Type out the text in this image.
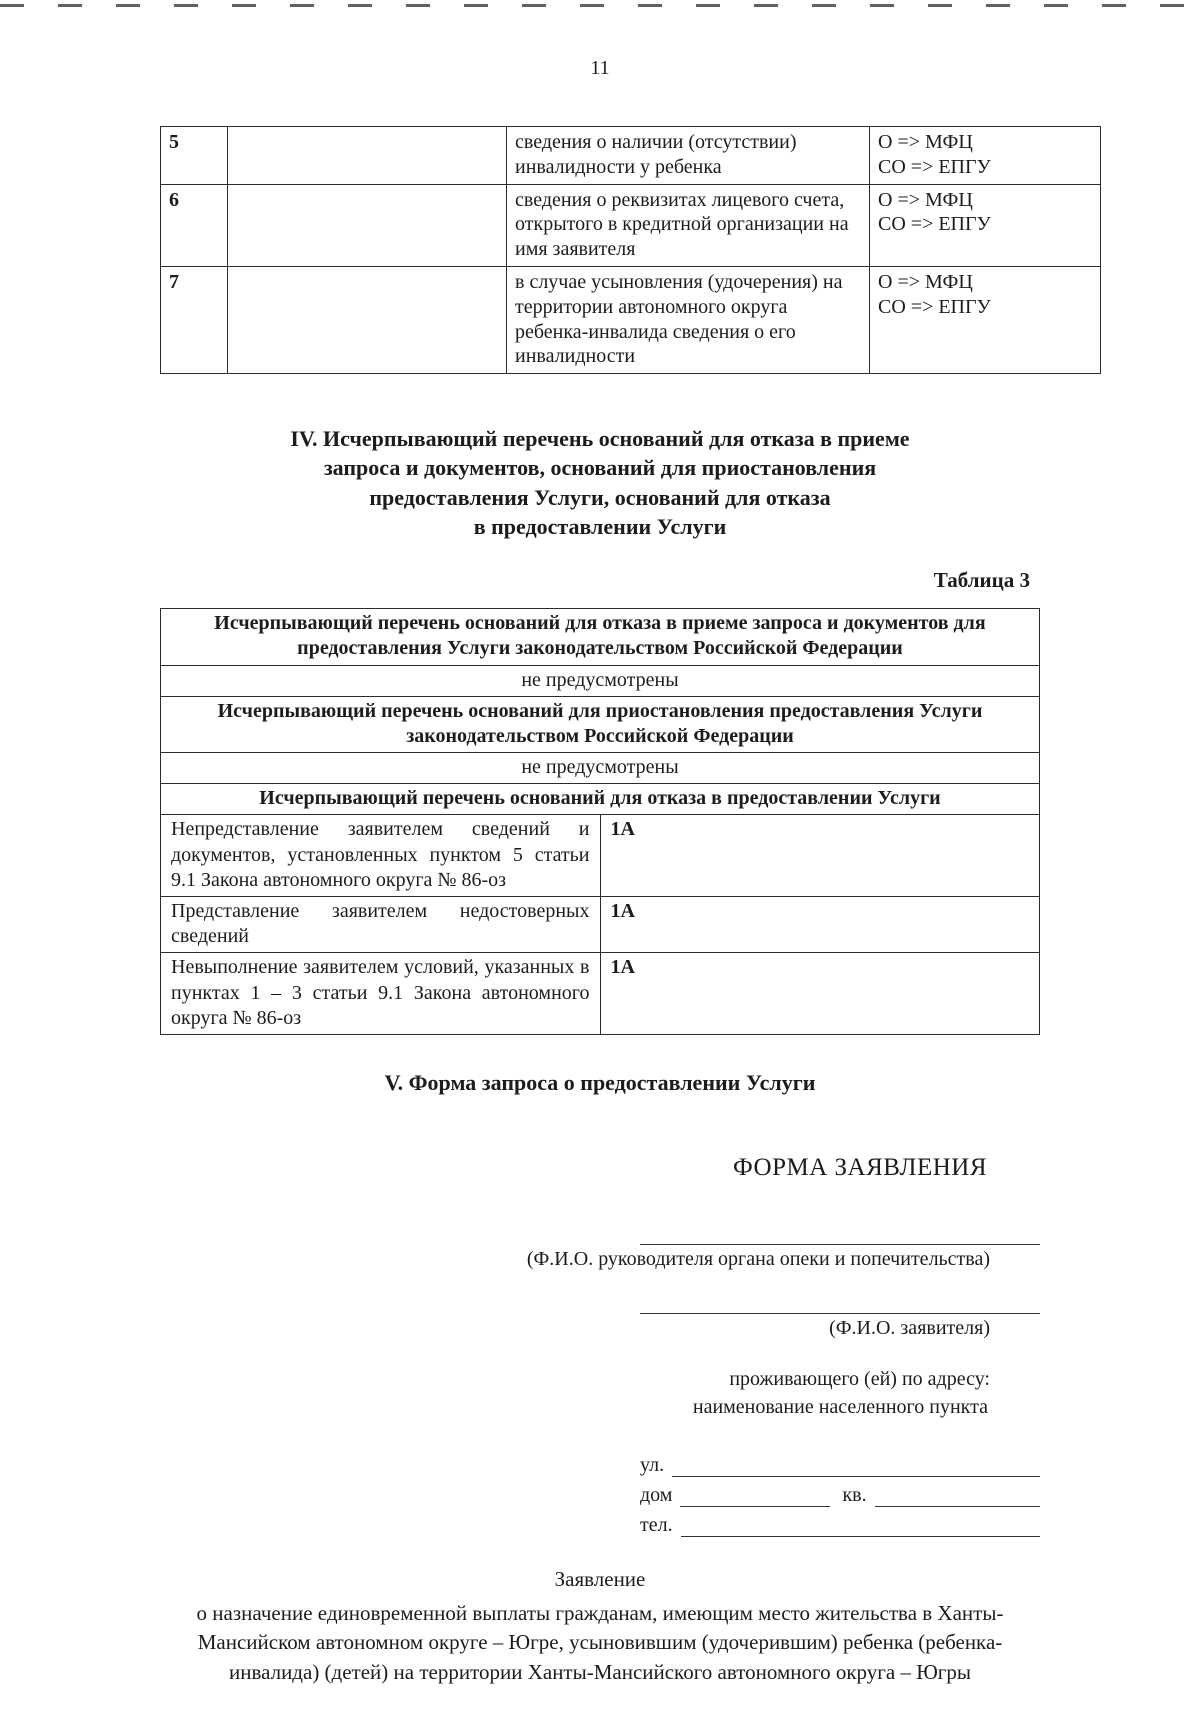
11
5		сведения о наличии (отсутствии) инвалидности у ребенка	О => МФЦ
СО => ЕПГУ

6		сведения о реквизитах лицевого счета, открытого в кредитной организации на имя заявителя	О => МФЦ
СО => ЕПГУ

7		в случае усыновления (удочерения) на территории автономного округа ребенка-инвалида сведения о его инвалидности	О => МФЦ
СО => ЕПГУ
IV. Исчерпывающий перечень оснований для отказа в приеме
запроса и документов, оснований для приостановления
предоставления Услуги, оснований для отказа
в предоставлении Услуги
Таблица 3
Исчерпывающий перечень оснований для отказа в приеме запроса и документов для предоставления Услуги законодательством Российской Федерации	
не предусмотрены	
Исчерпывающий перечень оснований для приостановления предоставления Услуги законодательством Российской Федерации	
не предусмотрены	
Исчерпывающий перечень оснований для отказа в предоставлении Услуги	
Непредставление заявителем сведений и документов, установленных пунктом 5 статьи 9.1 Закона автономного округа № 86-оз	1А
Представление заявителем недостоверных сведений	1А
Невыполнение заявителем условий, указанных в пунктах 1 – 3 статьи 9.1 Закона автономного округа № 86-оз	1А
V. Форма запроса о предоставлении Услуги
ФОРМА ЗАЯВЛЕНИЯ
(Ф.И.О. руководителя органа опеки и попечительства)
(Ф.И.О. заявителя)
проживающего (ей) по адресу:
наименование населенного пункта
ул.
дом	кв.
тел.
Заявление
о назначение единовременной выплаты гражданам, имеющим место жительства в Ханты-Мансийском автономном округе – Югре, усыновившим (удочерившим) ребенка (ребенка-инвалида) (детей) на территории Ханты-Мансийского автономного округа – Югры
